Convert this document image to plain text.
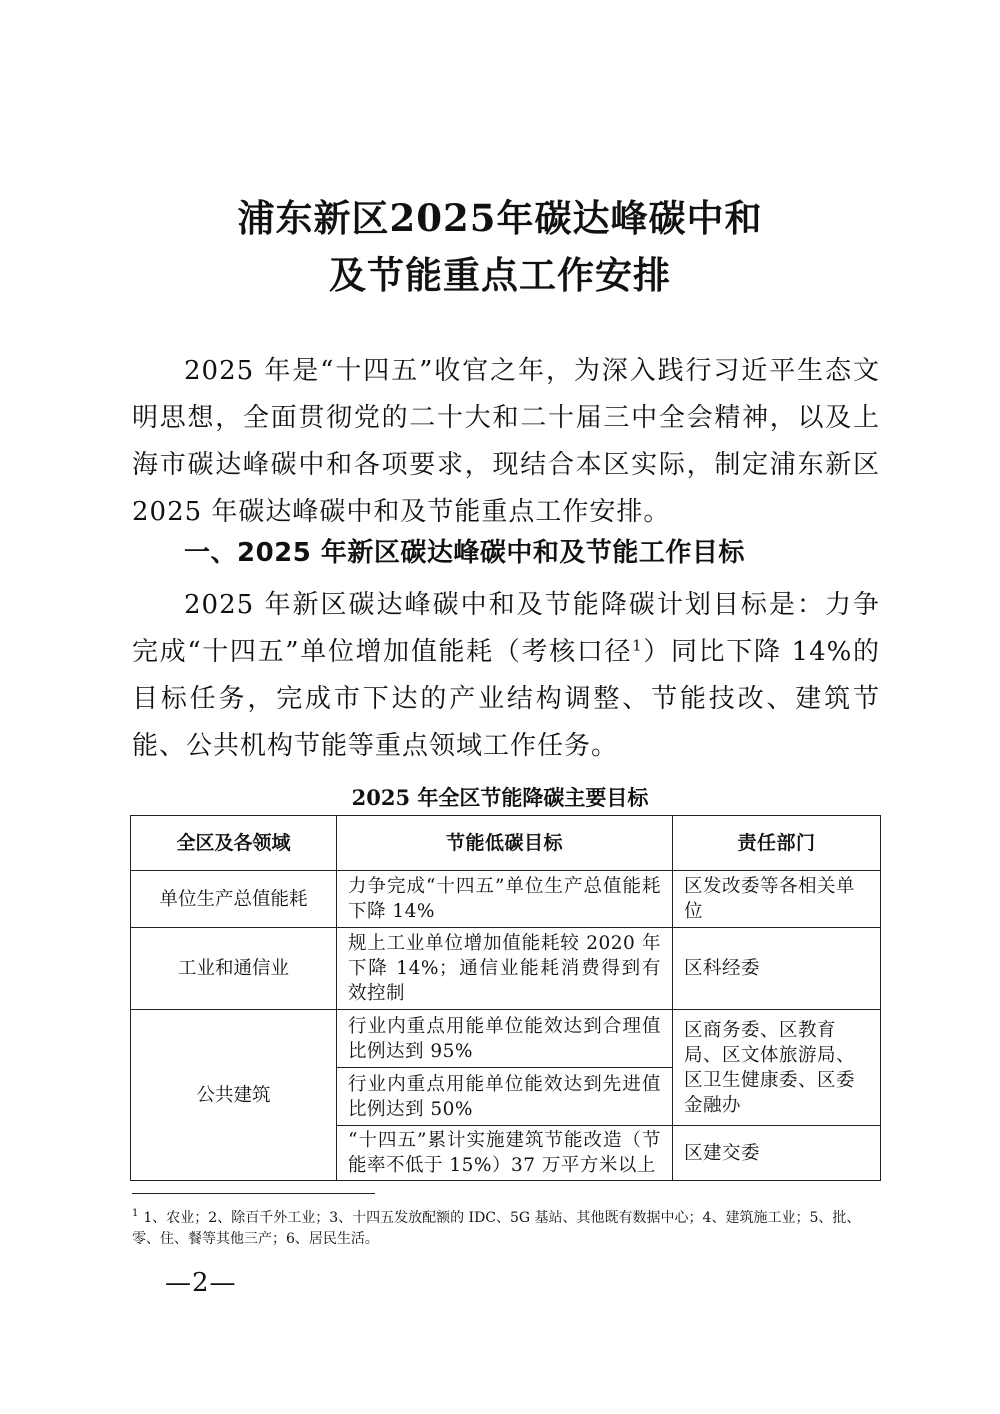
浦东新区2025年碳达峰碳中和
及节能重点工作安排

2025 年是“十四五”收官之年，为深入践行习近平生态文明思想，全面贯彻党的二十大和二十届三中全会精神，以及上海市碳达峰碳中和各项要求，现结合本区实际，制定浦东新区 2025 年碳达峰碳中和及节能重点工作安排。

一、2025 年新区碳达峰碳中和及节能工作目标

2025 年新区碳达峰碳中和及节能降碳计划目标是：力争完成“十四五”单位增加值能耗（考核口径$^1$）同比下降 14%的目标任务，完成市下达的产业结构调整、节能技改、建筑节能、公共机构节能等重点领域工作任务。

2025 年全区节能降碳主要目标
全区及各领域	节能低碳目标	责任部门
单位生产总值能耗	力争完成“十四五”单位生产总值能耗下降 14%	区发改委等各相关单位
工业和通信业	规上工业单位增加值能耗较 2020 年下降 14%；通信业能耗消费得到有效控制	区科经委
公共建筑	行业内重点用能单位能效达到合理值比例达到 95%	区商务委、区教育局、区文体旅游局、区卫生健康委、区委金融办
	行业内重点用能单位能效达到先进值比例达到 50%	
	“十四五”累计实施建筑节能改造（节能率不低于 15%）37 万平方米以上	区建交委

$^1$ 1、农业；2、除百千外工业；3、十四五发放配额的 IDC、5G 基站、其他既有数据中心；4、建筑施工业；5、批、零、住、餐等其他三产；6、居民生活。

—2—
